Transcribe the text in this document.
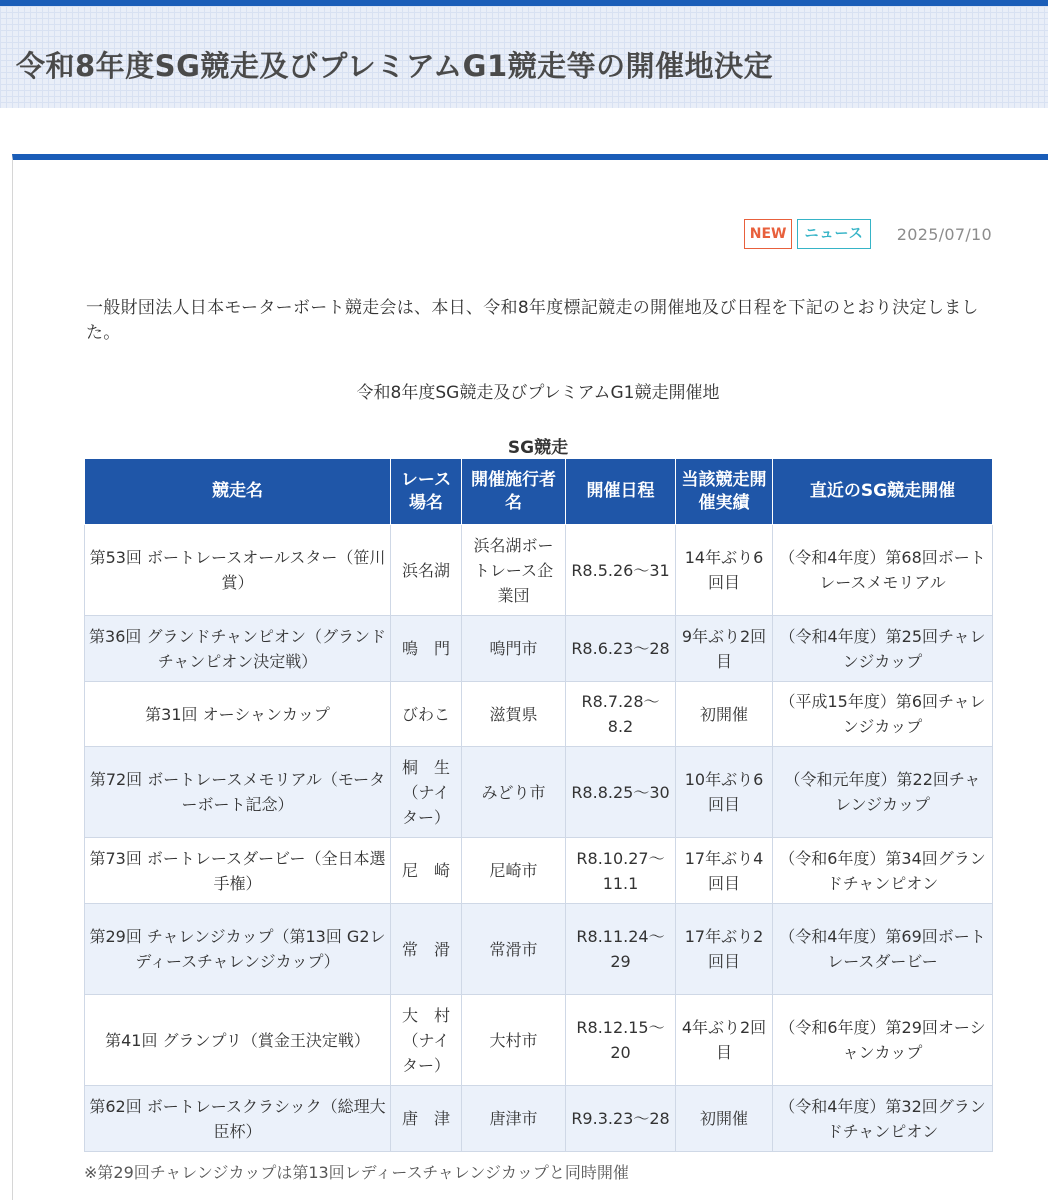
令和8年度SG競走及びプレミアムG1競走等の開催地決定
NEW	ニュース	2025/07/10

一般財団法人日本モーターボート競走会は、本日、令和8年度標記競走の開催地及び日程を下記のとおり決定しました。

令和8年度SG競走及びプレミアムG1競走開催地
SG競走
競走名	レース場名	開催施行者名	開催日程	当該競走開催実績	直近のSG競走開催
第53回 ボートレースオールスター（笹川賞）	浜名湖	浜名湖ボートレース企業団	R8.5.26〜31	14年ぶり6回目	（令和4年度）第68回ボートレースメモリアル
第36回 グランドチャンピオン（グランドチャンピオン決定戦）	鳴　門	鳴門市	R8.6.23〜28	9年ぶり2回目	（令和4年度）第25回チャレンジカップ
第31回 オーシャンカップ	びわこ	滋賀県	R8.7.28〜8.2	初開催	（平成15年度）第6回チャレンジカップ
第72回 ボートレースメモリアル（モーターボート記念）	桐　生（ナイター）	みどり市	R8.8.25〜30	10年ぶり6回目	（令和元年度）第22回チャレンジカップ
第73回 ボートレースダービー（全日本選手権）	尼　崎	尼崎市	R8.10.27〜11.1	17年ぶり4回目	（令和6年度）第34回グランドチャンピオン
第29回 チャレンジカップ（第13回 G2レディースチャレンジカップ）	常　滑	常滑市	R8.11.24〜29	17年ぶり2回目	（令和4年度）第69回ボートレースダービー
第41回 グランプリ（賞金王決定戦）	大　村（ナイター）	大村市	R8.12.15〜20	4年ぶり2回目	（令和6年度）第29回オーシャンカップ
第62回 ボートレースクラシック（総理大臣杯）	唐　津	唐津市	R9.3.23〜28	初開催	（令和4年度）第32回グランドチャンピオン

※第29回チャレンジカップは第13回レディースチャレンジカップと同時開催
